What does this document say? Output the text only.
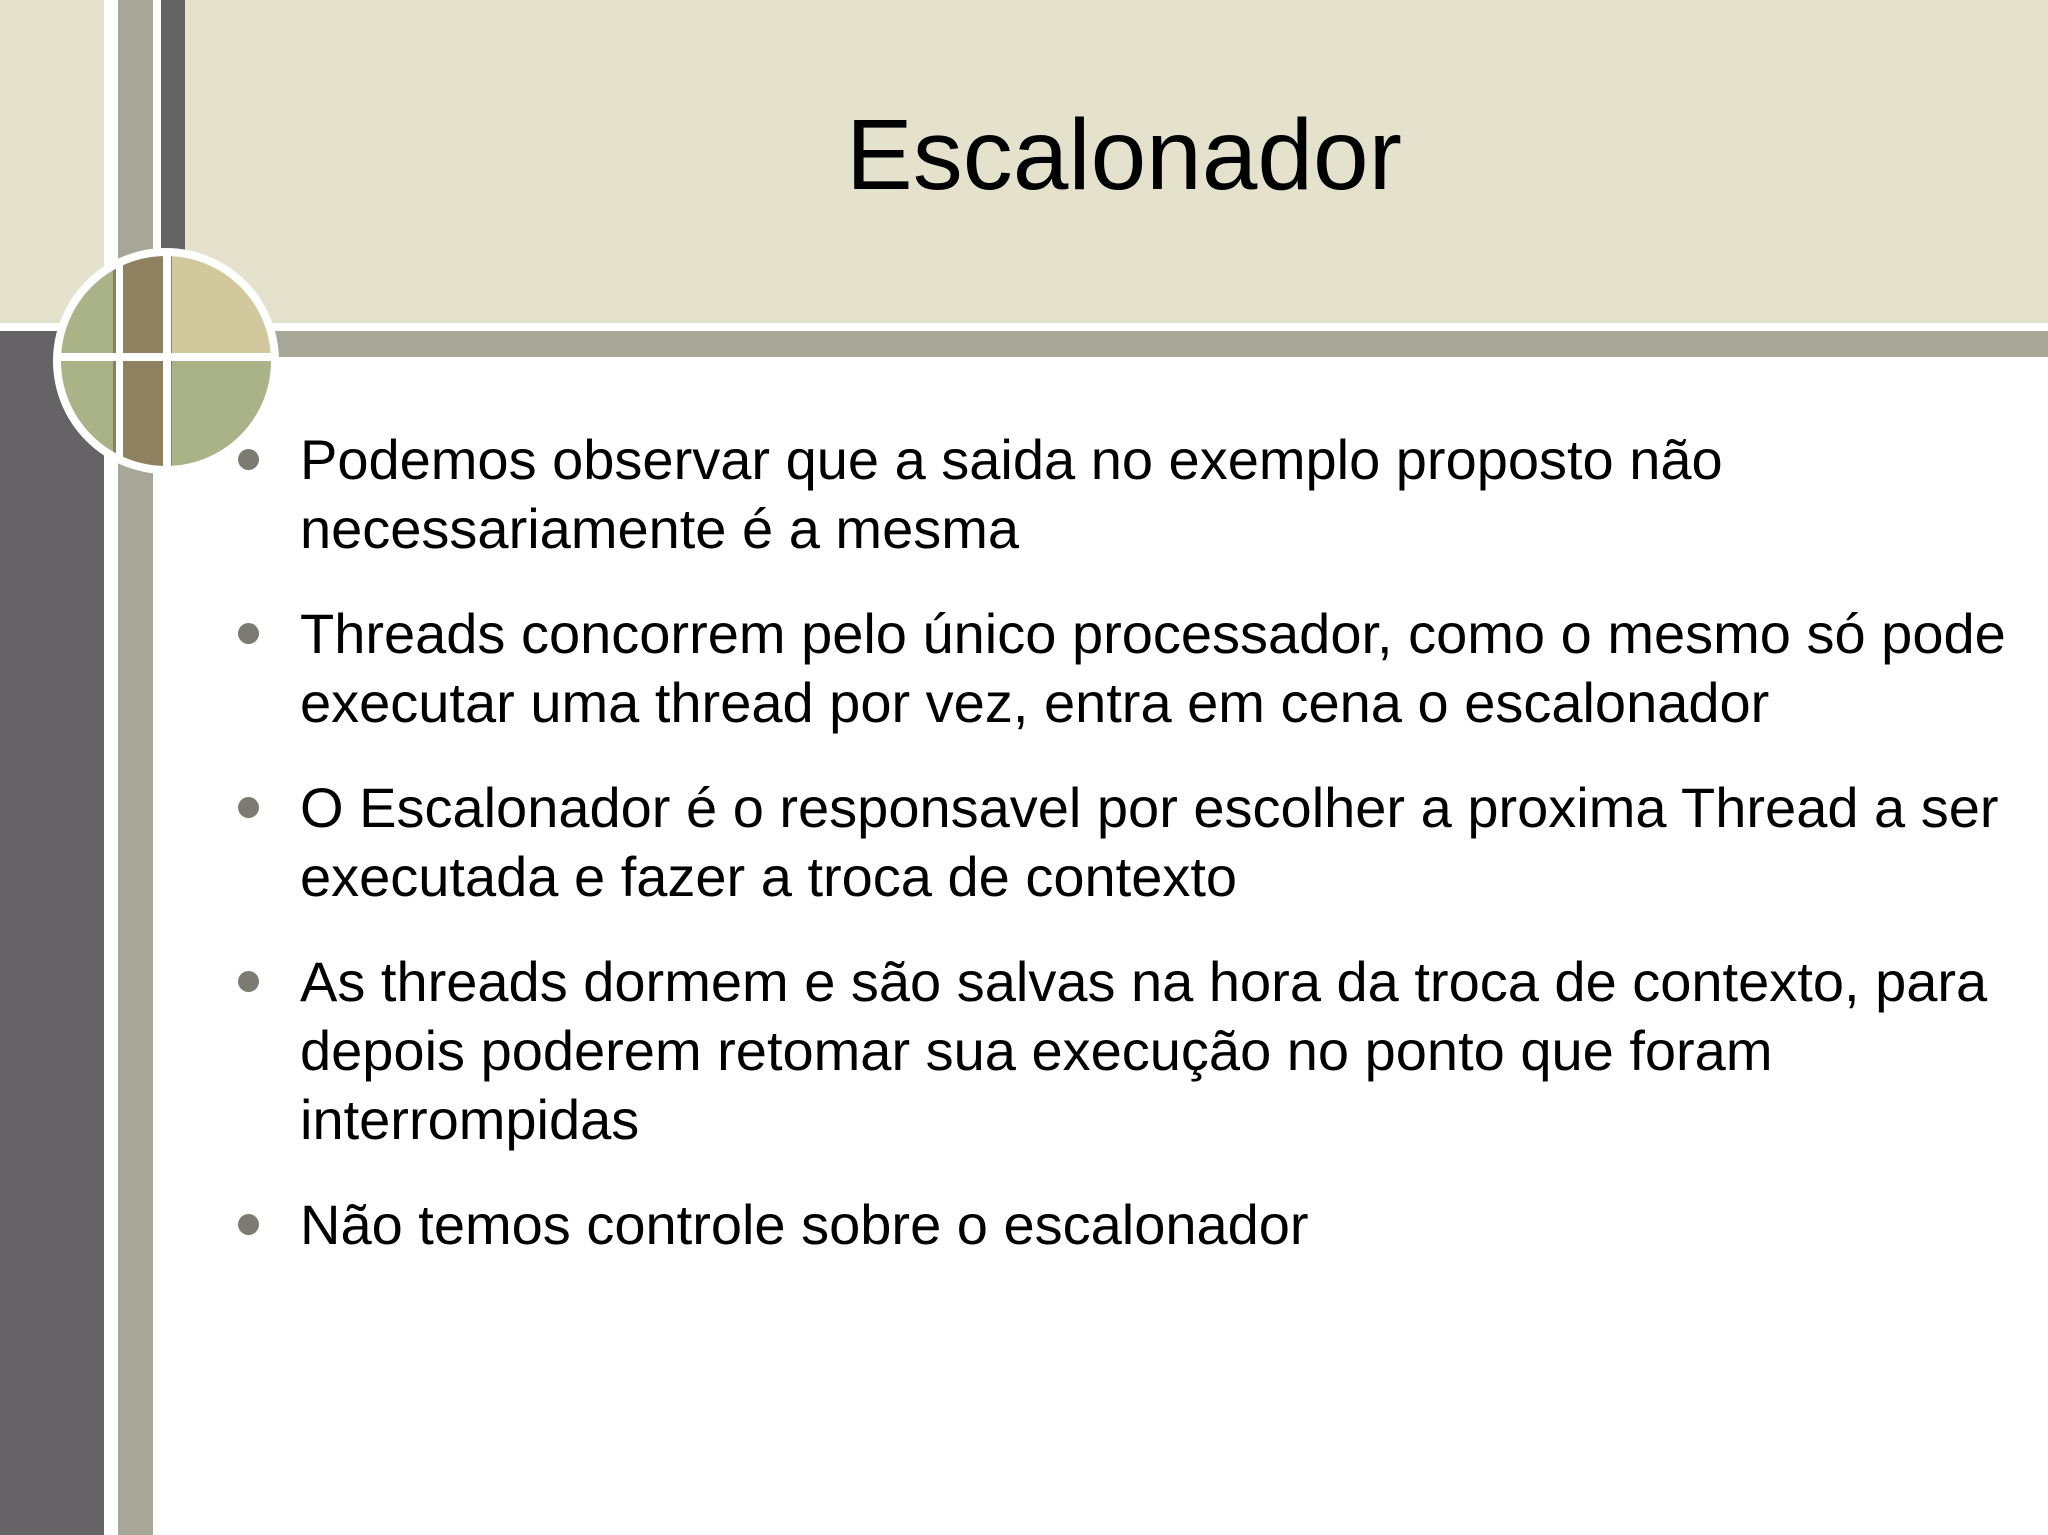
Escalonador
Podemos observar que a saida no exemplo proposto não necessariamente é a mesma
Threads concorrem pelo único processador, como o mesmo só pode executar uma thread por vez, entra em cena o escalonador
O Escalonador é o responsavel por escolher a proxima Thread a ser executada e fazer a troca de contexto
As threads dormem e são salvas na hora da troca de contexto, para depois poderem retomar sua execução no ponto que foram interrompidas
Não temos controle sobre o escalonador
